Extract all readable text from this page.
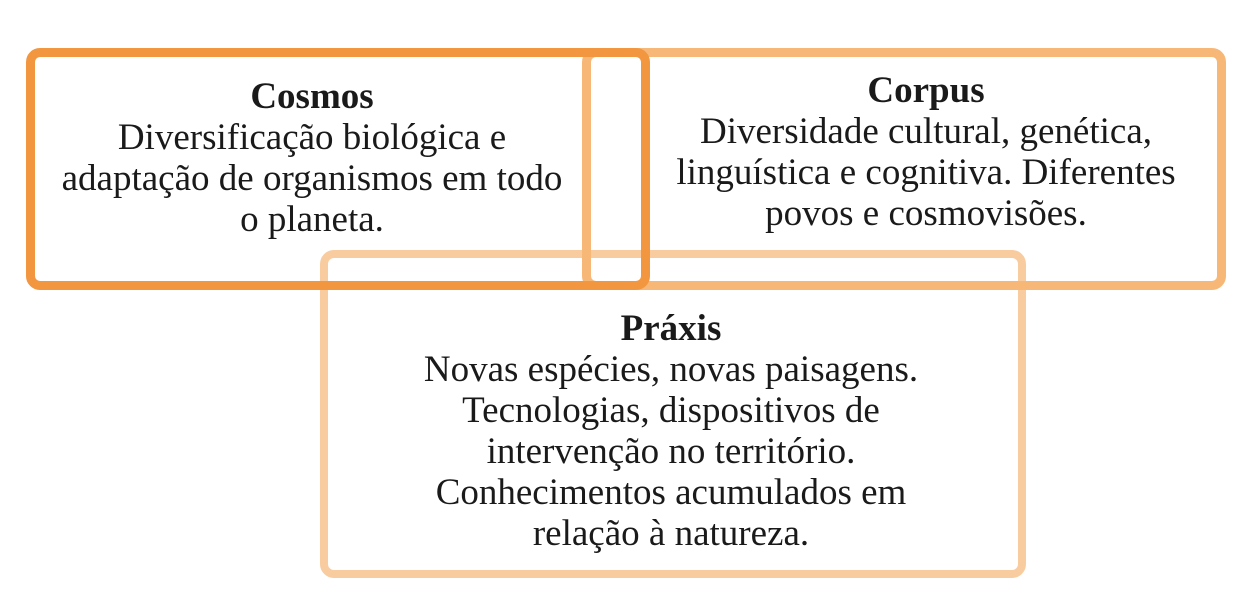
Cosmos
Diversificação biológica e
adaptação de organismos em todo
o planeta.
Corpus
Diversidade cultural, genética,
linguística e cognitiva. Diferentes
povos e cosmovisões.
Práxis
Novas espécies, novas paisagens.
Tecnologias, dispositivos de
intervenção no território.
Conhecimentos acumulados em
relação à natureza.
